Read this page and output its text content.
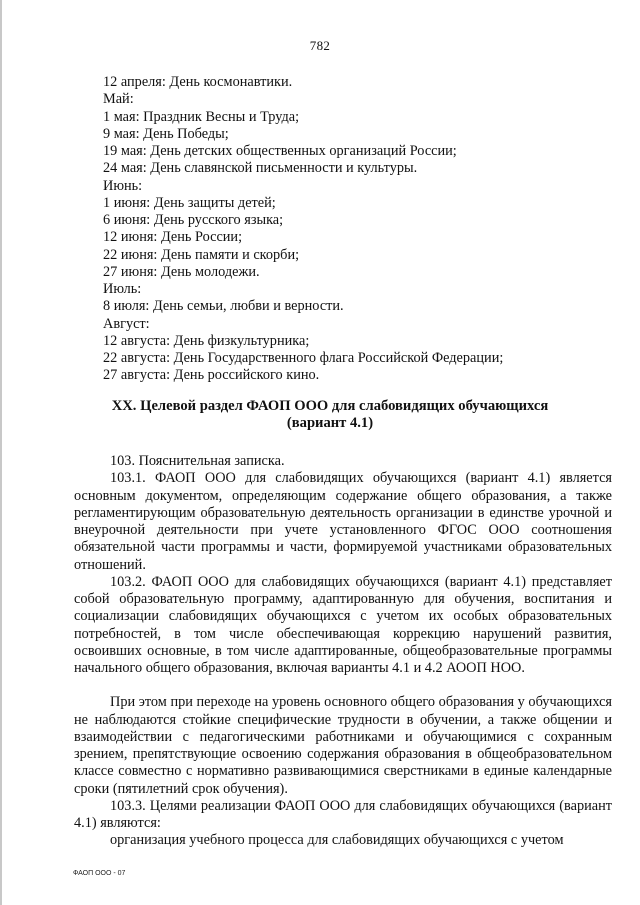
782
12 апреля: День космонавтики.
Май:
1 мая: Праздник Весны и Труда;
9 мая: День Победы;
19 мая: День детских общественных организаций России;
24 мая: День славянской письменности и культуры.
Июнь:
1 июня: День защиты детей;
6 июня: День русского языка;
12 июня: День России;
22 июня: День памяти и скорби;
27 июня: День молодежи.
Июль:
8 июля: День семьи, любви и верности.
Август:
12 августа: День физкультурника;
22 августа: День Государственного флага Российской Федерации;
27 августа: День российского кино.
XX. Целевой раздел ФАОП ООО для слабовидящих обучающихся
(вариант 4.1)

103. Пояснительная записка.

103.1. ФАОП ООО для слабовидящих обучающихся (вариант 4.1) является основным документом, определяющим содержание общего образования, а также регламентирующим образовательную деятельность организации в единстве урочной и внеурочной деятельности при учете установленного ФГОС ООО соотношения обязательной части программы и части, формируемой участниками образовательных отношений.

103.2. ФАОП ООО для слабовидящих обучающихся (вариант 4.1) представляет собой образовательную программу, адаптированную для обучения, воспитания и социализации слабовидящих обучающихся с учетом их особых образовательных потребностей, в том числе обеспечивающая коррекцию нарушений развития, освоивших основные, в том числе адаптированные, общеобразовательные программы начального общего образования, включая варианты 4.1 и 4.2 АООП НОО.

При этом при переходе на уровень основного общего образования у обучающихся не наблюдаются стойкие специфические трудности в обучении, а также общении и взаимодействии с педагогическими работниками и обучающимися с сохранным зрением, препятствующие освоению содержания образования в общеобразовательном классе совместно с нормативно развивающимися сверстниками в единые календарные сроки (пятилетний срок обучения).

103.3. Целями реализации ФАОП ООО для слабовидящих обучающихся (вариант 4.1) являются:

организация учебного процесса для слабовидящих обучающихся с учетом

ФАОП ООО - 07
